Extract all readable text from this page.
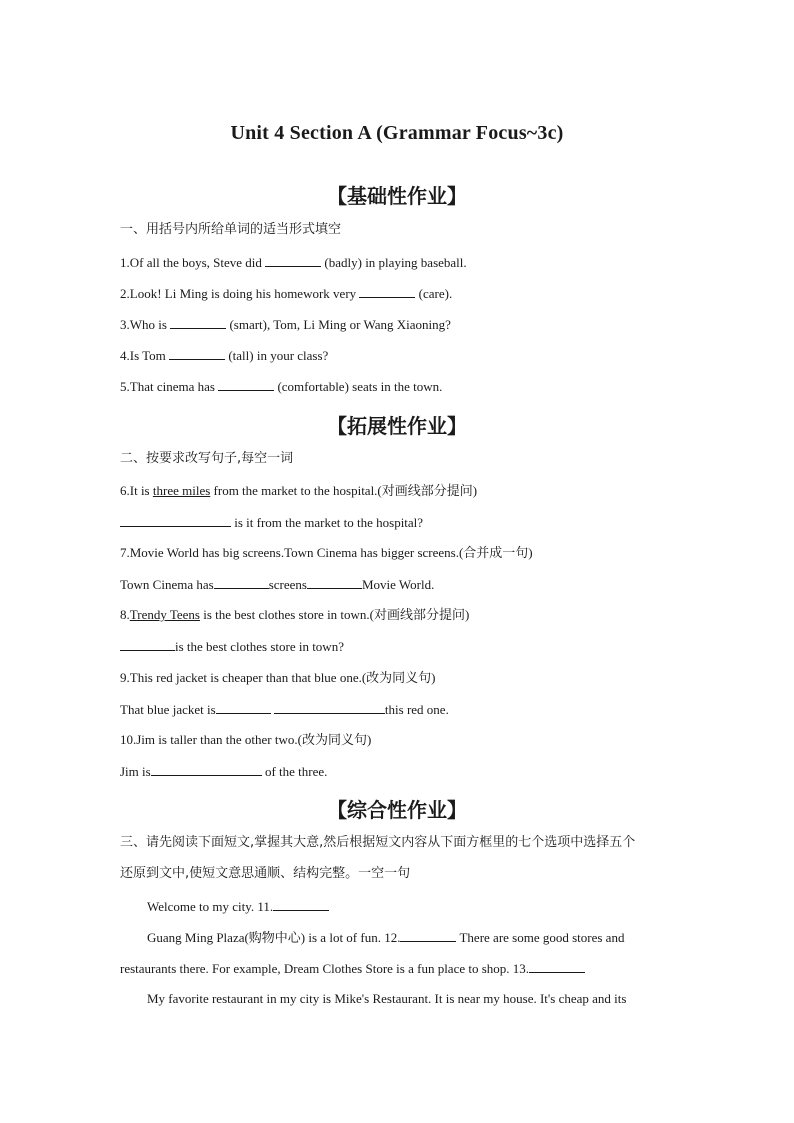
Unit 4 Section A (Grammar Focus~3c)
【基础性作业】
一、用括号内所给单词的适当形式填空
1.Of all the boys, Steve did	(badly) in playing baseball.
2.Look! Li Ming is doing his homework very	(care).
3.Who is	(smart), Tom, Li Ming or Wang Xiaoning?
4.Is Tom	(tall) in your class?
5.That cinema has	(comfortable) seats in the town.
【拓展性作业】
二、按要求改写句子,每空一词
6.It is three miles from the market to the hospital.(对画线部分提问)
is it from the market to the hospital?
7.Movie World has big screens.Town Cinema has bigger screens.(合并成一句)
Town Cinema has	screens	Movie World.
8.Trendy Teens is the best clothes store in town.(对画线部分提问)
is the best clothes store in town?
9.This red jacket is cheaper than that blue one.(改为同义句)
That blue jacket is	this red one.
10.Jim is taller than the other two.(改为同义句)
Jim is	of the three.
【综合性作业】
三、请先阅读下面短文,掌握其大意,然后根据短文内容从下面方框里的七个选项中选择五个
还原到文中,使短文意思通顺、结构完整。一空一句
Welcome to my city. 11.
Guang Ming Plaza(购物中心) is a lot of fun. 12.	There are some good stores and
restaurants there. For example, Dream Clothes Store is a fun place to shop. 13.
My favorite restaurant in my city is Mike's Restaurant. It is near my house. It's cheap and its
